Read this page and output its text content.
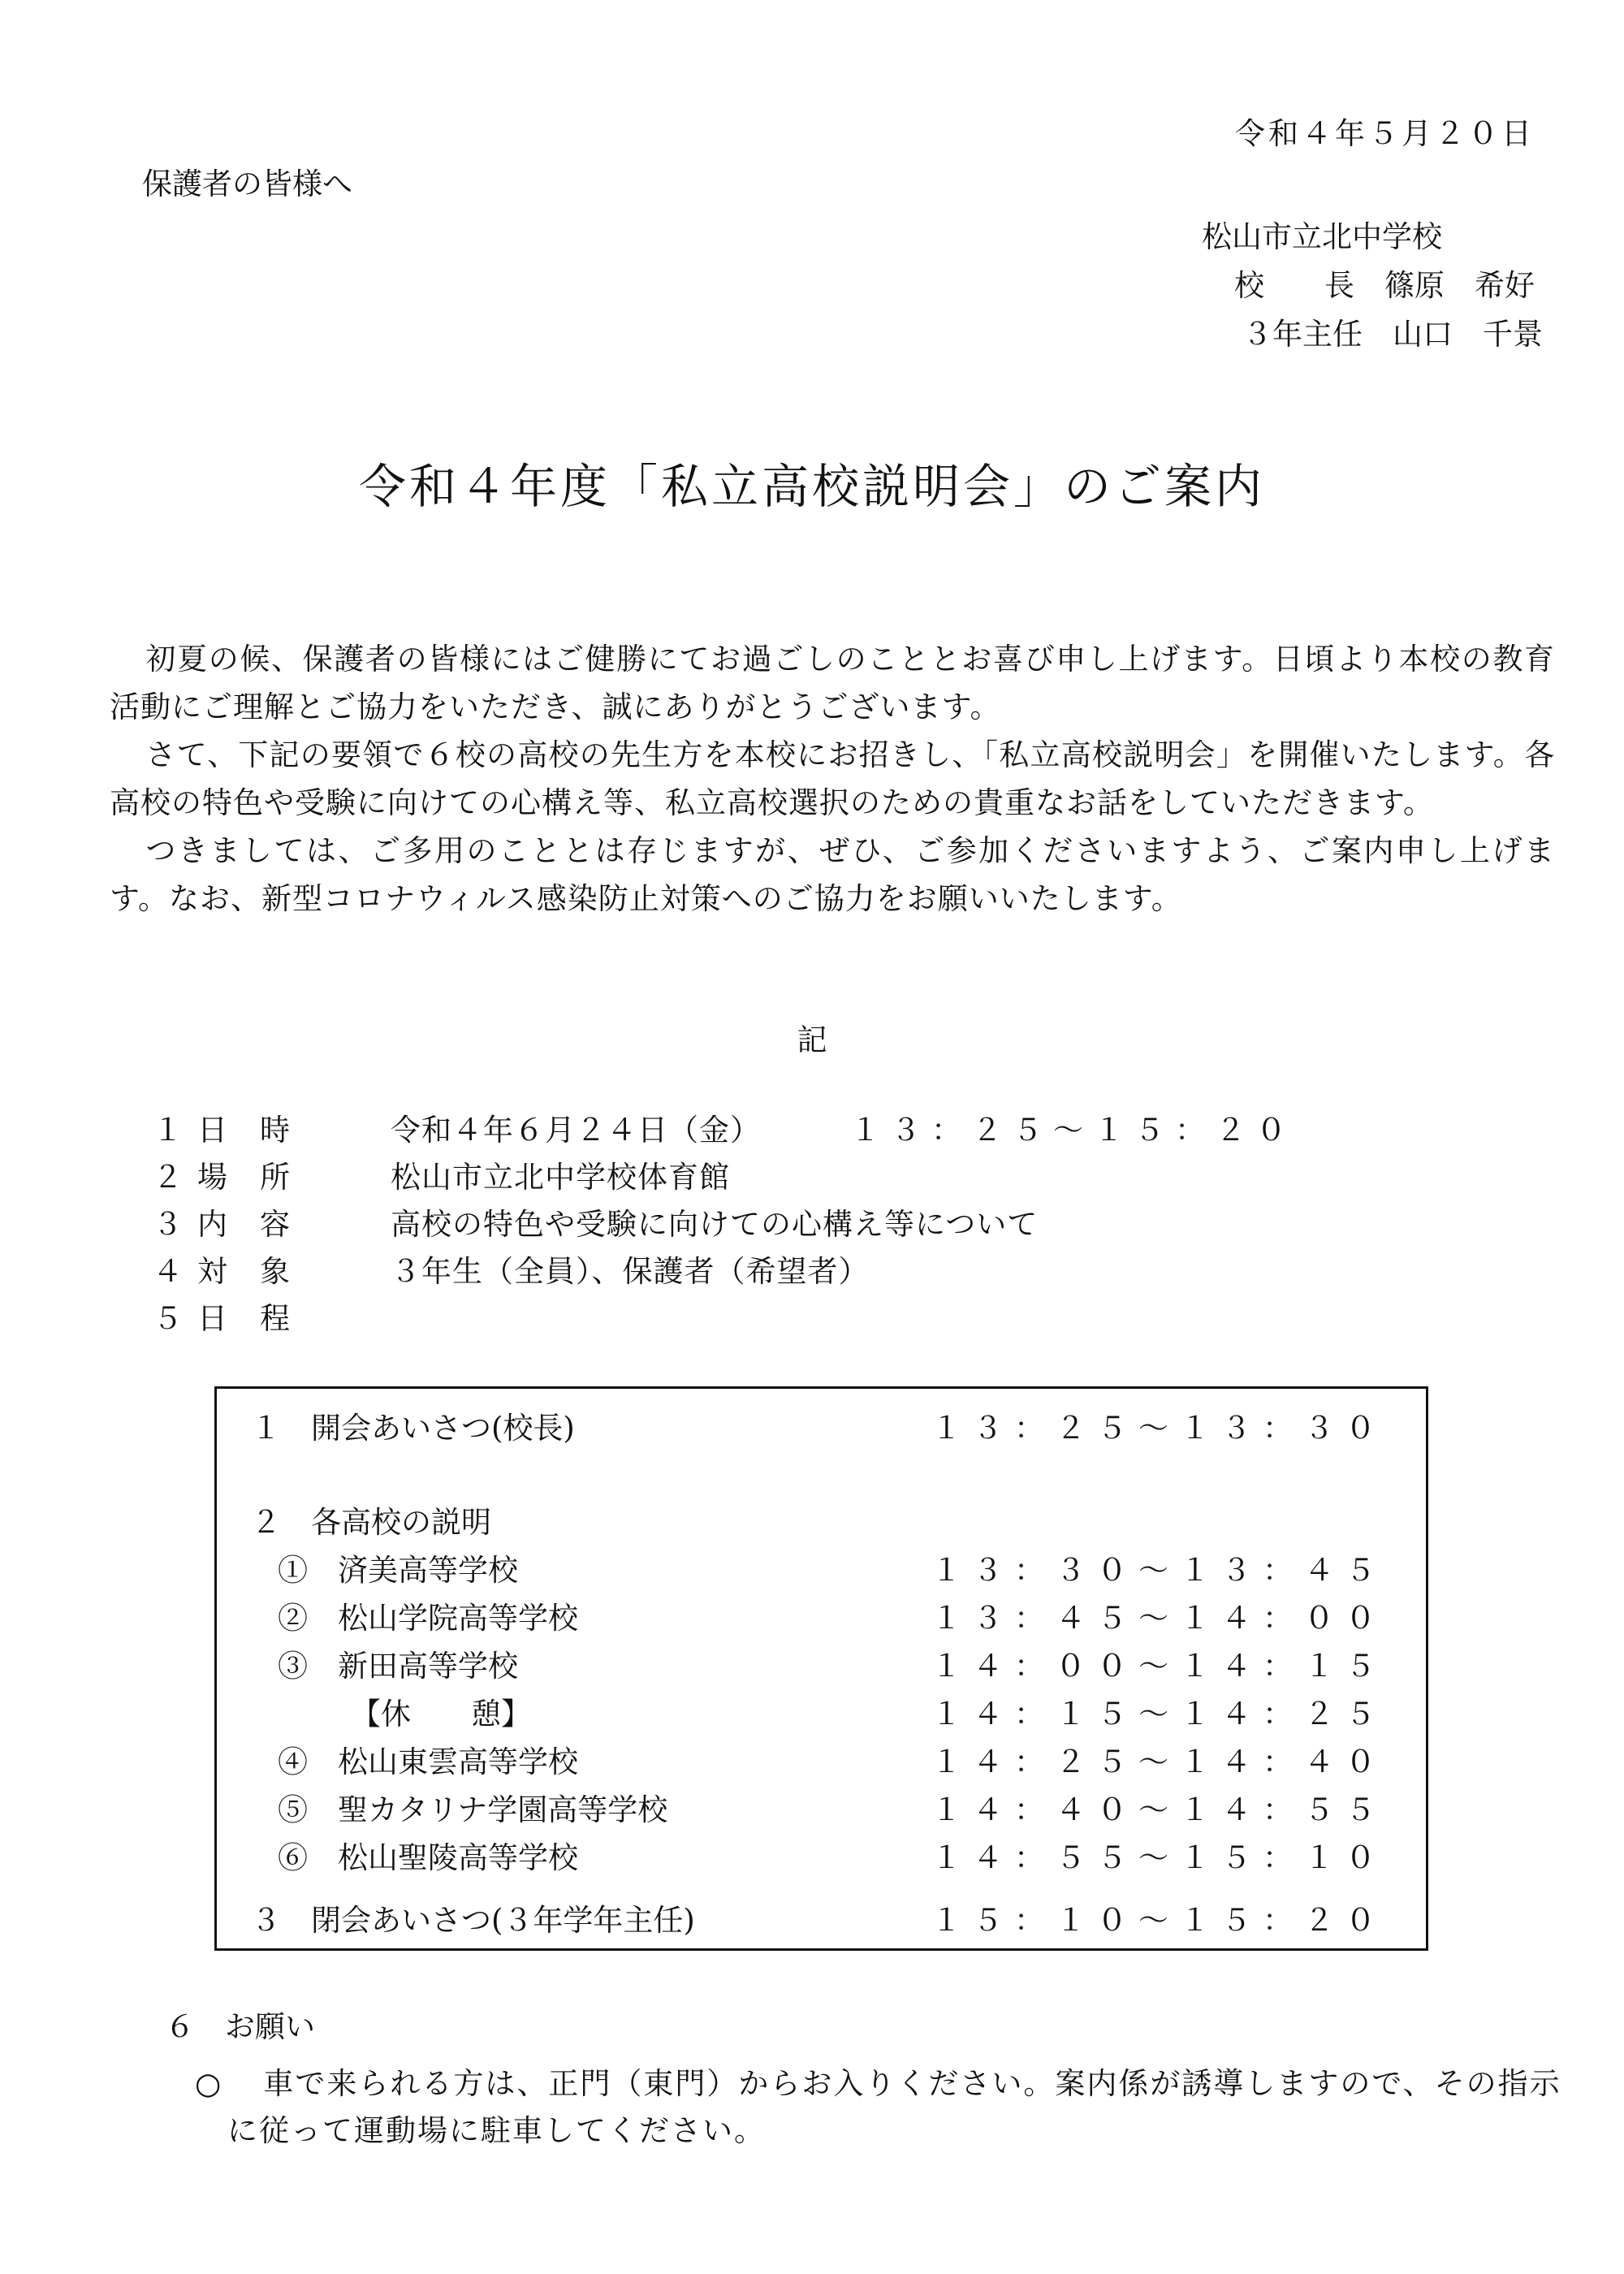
令和４年５月２０日
保護者の皆様へ
松山市立北中学校
校　　長　篠原　希好
３年主任　山口　千景
令和４年度「私立高校説明会」のご案内

初夏の候、保護者の皆様にはご健勝にてお過ごしのこととお喜び申し上げます。日頃より本校の教育活動にご理解とご協力をいただき、誠にありがとうございます。

さて、下記の要領で６校の高校の先生方を本校にお招きし、「私立高校説明会」を開催いたします。各高校の特色や受験に向けての心構え等、私立高校選択のための貴重なお話をしていただきます。

つきましては、ご多用のこととは存じますが、ぜひ、ご参加くださいますよう、ご案内申し上げます。なお、新型コロナウィルス感染防止対策へのご協力をお願いいたします。

記
１ 日時	令和４年６月２４日（金）	１３：２５～１５：２０
２ 場所	松山市立北中学校体育館
３ 内容	高校の特色や受験に向けての心構え等について
４ 対象	３年生（全員）、保護者（希望者）
５ 日程
１　開会あいさつ(校長)	１３：２５～１３：３０
２　各高校の説明
①　済美高等学校	１３：３０～１３：４５
②　松山学院高等学校	１３：４５～１４：００
③　新田高等学校	１４：００～１４：１５
【休　　憩】	１４：１５～１４：２５
④　松山東雲高等学校	１４：２５～１４：４０
⑤　聖カタリナ学園高等学校	１４：４０～１４：５５
⑥　松山聖陵高等学校	１４：５５～１５：１０
３　閉会あいさつ(３年学年主任)	１５：１０～１５：２０
６　お願い
○	車で来られる方は、正門（東門）からお入りください。案内係が誘導しますので、その指示に従って運動場に駐車してください。
